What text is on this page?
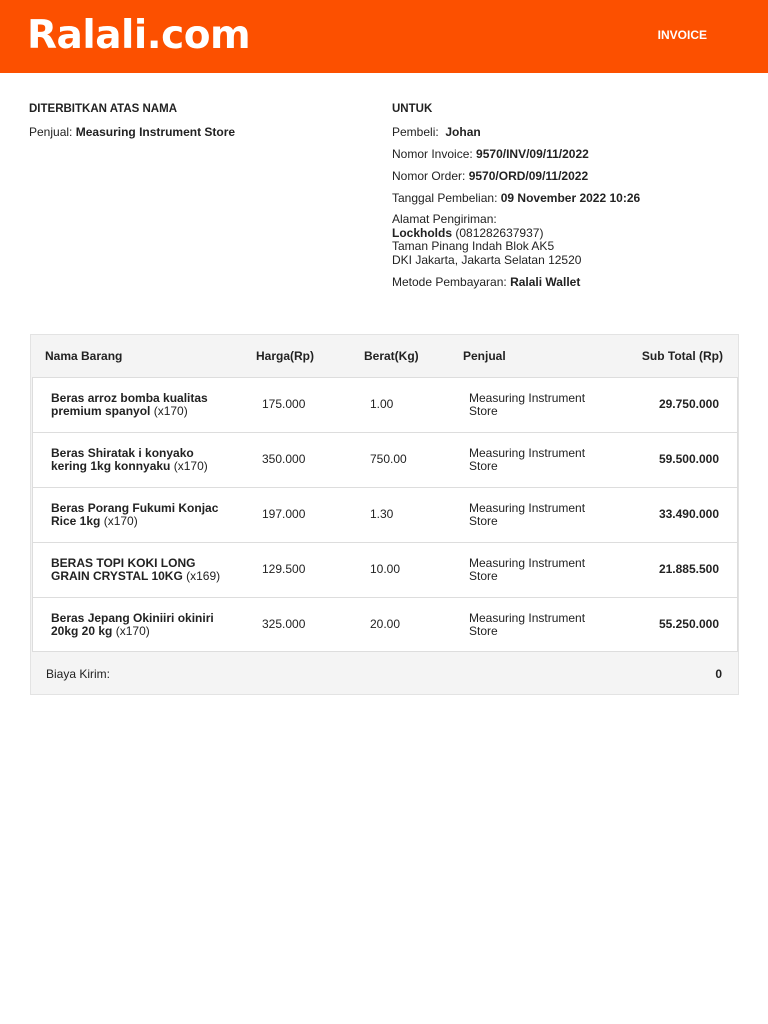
Ralali.com	INVOICE
DITERBITKAN ATAS NAMA
Penjual: Measuring Instrument Store
UNTUK
Pembeli: Johan
Nomor Invoice: 9570/INV/09/11/2022
Nomor Order: 9570/ORD/09/11/2022
Tanggal Pembelian: 09 November 2022 10:26
Alamat Pengiriman:
Lockholds (081282637937)
Taman Pinang Indah Blok AK5
DKI Jakarta, Jakarta Selatan 12520
Metode Pembayaran: Ralali Wallet
Nama Barang	Harga(Rp)	Berat(Kg)	Penjual	Sub Total (Rp)
Beras arroz bomba kualitas premium spanyol (x170)	175.000	1.00	Measuring Instrument Store	29.750.000
Beras Shiratak i konyako kering 1kg konnyaku (x170)	350.000	750.00	Measuring Instrument Store	59.500.000
Beras Porang Fukumi Konjac Rice 1kg (x170)	197.000	1.30	Measuring Instrument Store	33.490.000
BERAS TOPI KOKI LONG GRAIN CRYSTAL 10KG (x169)	129.500	10.00	Measuring Instrument Store	21.885.500
Beras Jepang Okiniiri okiniri 20kg 20 kg (x170)	325.000	20.00	Measuring Instrument Store	55.250.000
Biaya Kirim:	0
